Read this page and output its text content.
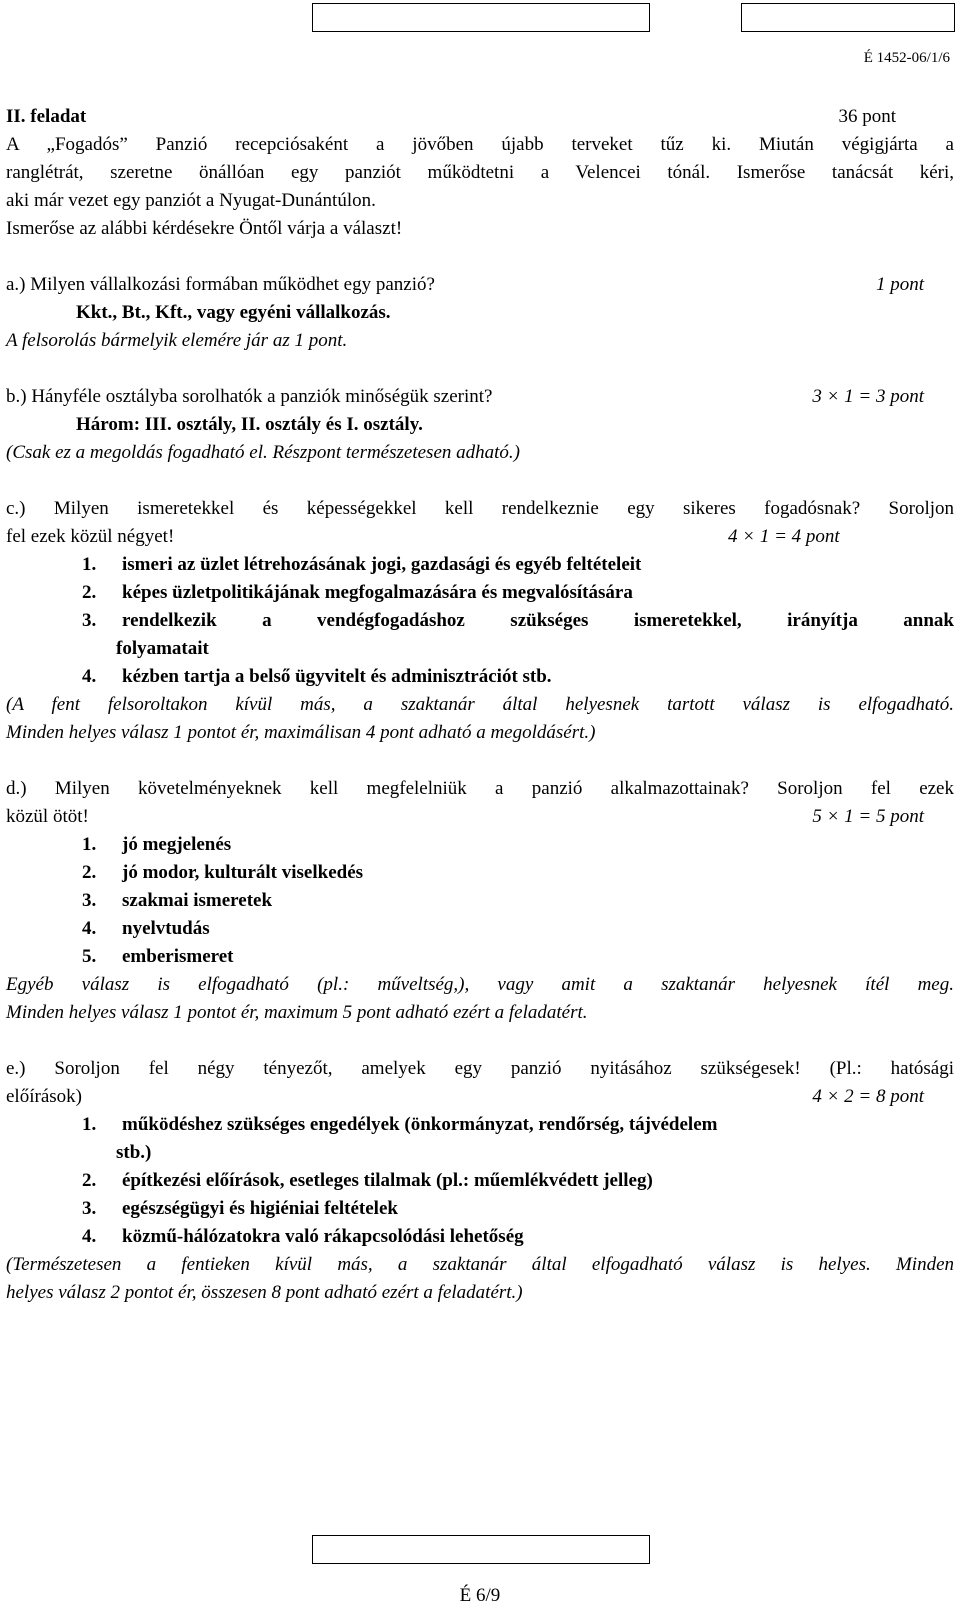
É 1452-06/1/6
II. feladat	36 pont
A „Fogadós” Panzió recepciósaként a jövőben újabb terveket tűz ki. Miután végigjárta a
ranglétrát, szeretne önállóan egy panziót működtetni a Velencei tónál. Ismerőse tanácsát kéri,
aki már vezet egy panziót a Nyugat-Dunántúlon.
Ismerőse az alábbi kérdésekre Öntől várja a választ!
a.) Milyen vállalkozási formában működhet egy panzió?	1 pont
Kkt., Bt., Kft., vagy egyéni vállalkozás.
A felsorolás bármelyik elemére jár az 1 pont.
b.) Hányféle osztályba sorolhatók a panziók minőségük szerint?	3 × 1 = 3 pont
Három: III. osztály, II. osztály és I. osztály.
(Csak ez a megoldás fogadható el. Részpont természetesen adható.)
c.) Milyen ismeretekkel és képességekkel kell rendelkeznie egy sikeres fogadósnak? Soroljon
fel ezek közül négyet!	4 × 1 = 4 pont
1. ismeri az üzlet létrehozásának jogi, gazdasági és egyéb feltételeit
2. képes üzletpolitikájának megfogalmazására és megvalósítására
3. rendelkezik a vendégfogadáshoz szükséges ismeretekkel, irányítja annak
folyamatait
4. kézben tartja a belső ügyvitelt és adminisztrációt stb.
(A fent felsoroltakon kívül más, a szaktanár által helyesnek tartott válasz is elfogadható.
Minden helyes válasz 1 pontot ér, maximálisan 4 pont adható a megoldásért.)
d.) Milyen követelményeknek kell megfelelniük a panzió alkalmazottainak? Soroljon fel ezek
közül ötöt!	5 × 1 = 5 pont
1. jó megjelenés
2. jó modor, kulturált viselkedés
3. szakmai ismeretek
4. nyelvtudás
5. emberismeret
Egyéb válasz is elfogadható (pl.: műveltség,), vagy amit a szaktanár helyesnek ítél meg.
Minden helyes válasz 1 pontot ér, maximum 5 pont adható ezért a feladatért.
e.) Soroljon fel négy tényezőt, amelyek egy panzió nyitásához szükségesek! (Pl.: hatósági
előírások)	4 × 2 = 8 pont
1. működéshez szükséges engedélyek (önkormányzat, rendőrség, tájvédelem
stb.)
2. építkezési előírások, esetleges tilalmak (pl.: műemlékvédett jelleg)
3. egészségügyi és higiéniai feltételek
4. közmű-hálózatokra való rákapcsolódási lehetőség
(Természetesen a fentieken kívül más, a szaktanár által elfogadható válasz is helyes. Minden
helyes válasz 2 pontot ér, összesen 8 pont adható ezért a feladatért.)
É 6/9
